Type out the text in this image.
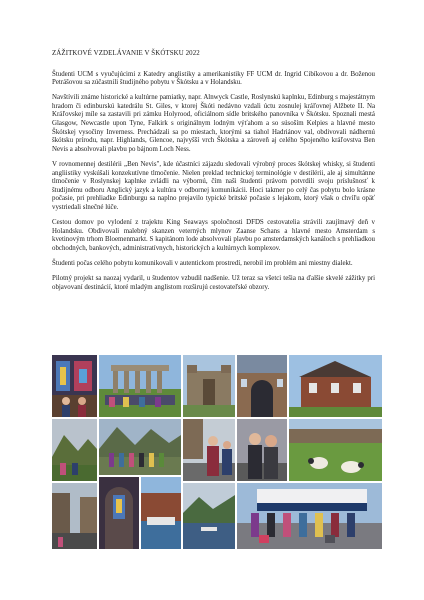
ZÁŽITKOVÉ VZDELÁVANIE V ŠKÓTSKU 2022

Študenti UCM s vyučujúcimi z Katedry anglistiky a amerikanistiky FF UCM dr. Ingrid Cibíkovou a dr. Boženou Petrášovou sa zúčastnili študijného pobytu v Škótsku a v Holandsku.

Navštívili známe historické a kultúrne pamiatky, napr. Alnwyck Castle, Roslynskú kaplnku, Edinburg s majestátnym hradom či edinburskú katedrálu St. Giles, v ktorej Škóti nedávno vzdali úctu zosnulej kráľovnej Alžbete II. Na Kráľovskej míle sa zastavili pri zámku Holyrood, oficiálnom sídle britského panovníka v Škótsku. Spoznali mestá Glasgow, Newcastle upon Tyne, Falkirk s originálnym lodným výťahom a so súsoším Kelpies a hlavné mesto Škótskej vysočiny Inverness. Prechádzali sa po miestach, ktorými sa tiahol Hadriánov val, obdivovali nádhernú škótsku prírodu, napr. Highlands, Glencoe, najvyšší vrch Škótska a zároveň aj celého Spojeného kráľovstva Ben Nevis a absolvovali plavbu po bájnom Loch Ness.

V rovnomennej destilérii „Ben Nevis", kde účastníci zájazdu sledovali výrobný proces škótskej whisky, si študenti angliistiky vyskúšali konzekutívne tlmočenie. Nielen preklad technickej terminológie v destilérii, ale aj simultánne tlmočenie v Roslynskej kaplnke zvládli na výbornú, čím naši študenti právom potvrdili svoju príslušnosť k študijnému odboru Anglický jazyk a kultúra v odbornej komunikácii. Hoci takmer po celý čas pobytu bolo krásne počasie, pri prehliadke Edinburgu sa naplno prejavilo typické britské počasie s lejakom, ktorý však o chvíľu opäť vystriedali slnečné lúče.

Cestou domov po vylodení z trajektu King Seaways spoločnosti DFDS cestovatelia strávili zaujímavý deň v Holandsku. Obdivovali malebný skanzen veterných mlynov Zaanse Schans a hlavné mesto Amsterdam s kvetinovým trhom Bloemenmarkt. S kapitánom lode absolvovali plavbu po amsterdamských kanáloch s prehliadkou obchodných, bankových, administratívnych, historických a kultúrnych komplexov.

Študenti počas celého pobytu komunikovali v autentickom prostredí, nerobil im problém ani miestny dialekt.

Pilotný projekt sa naozaj vydaril, u študentov vzbudil nadšenie. Už teraz sa všetci tešia na ďalšie skvelé zážitky pri objavovaní destinácií, ktoré mladým anglistom rozširujú cestovateľské obzory.
